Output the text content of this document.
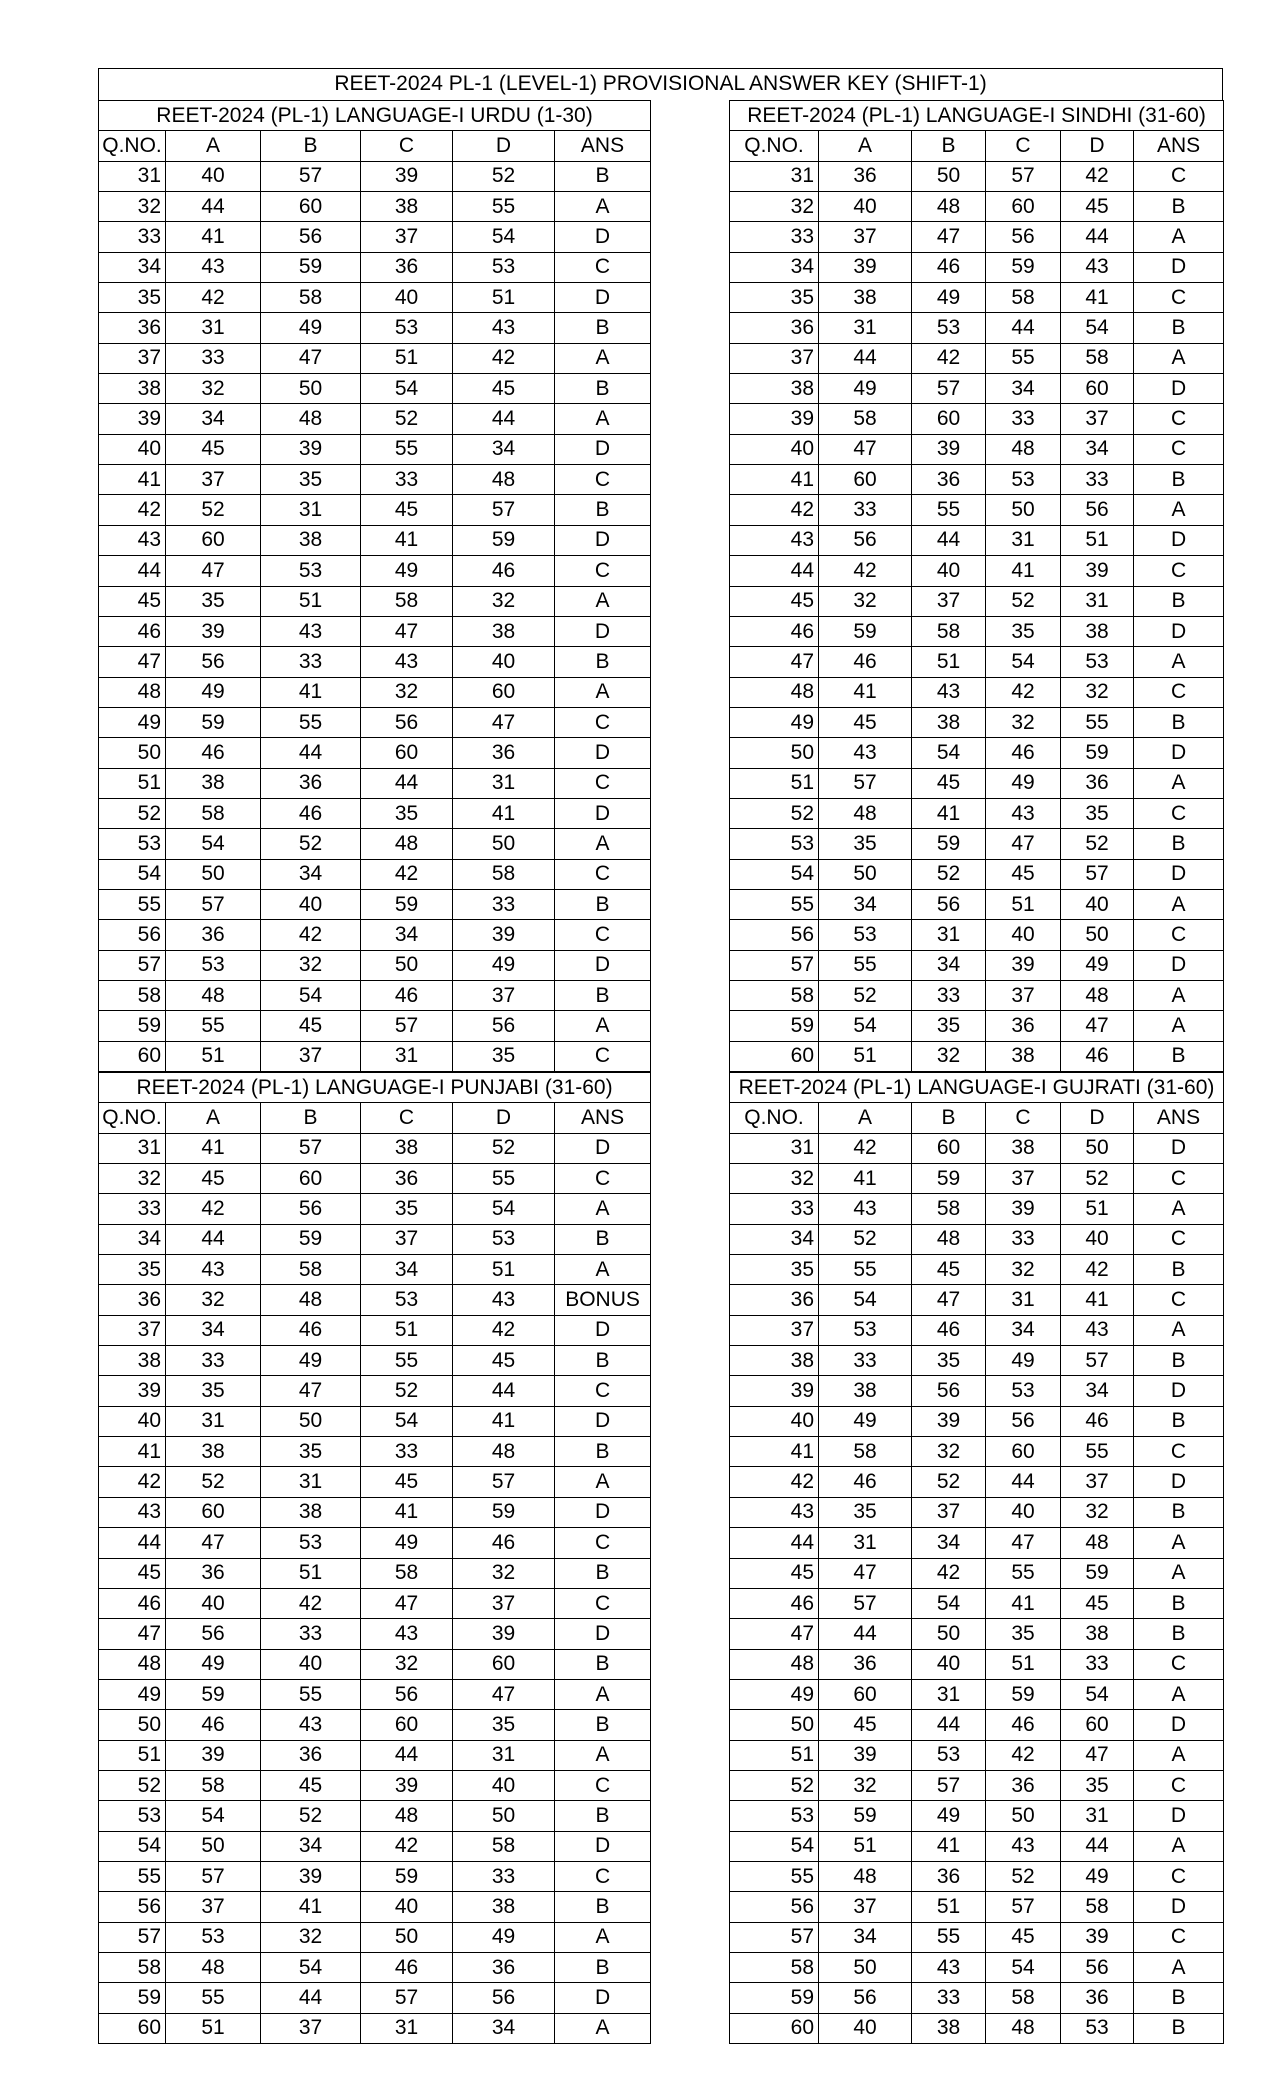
REET-2024 PL-1 (LEVEL-1) PROVISIONAL ANSWER KEY (SHIFT-1)
REET-2024 (PL-1) LANGUAGE-I URDU (1-30)					
Q.NO.	A	B	C	D	ANS
31	40	57	39	52	B
32	44	60	38	55	A
33	41	56	37	54	D
34	43	59	36	53	C
35	42	58	40	51	D
36	31	49	53	43	B
37	33	47	51	42	A
38	32	50	54	45	B
39	34	48	52	44	A
40	45	39	55	34	D
41	37	35	33	48	C
42	52	31	45	57	B
43	60	38	41	59	D
44	47	53	49	46	C
45	35	51	58	32	A
46	39	43	47	38	D
47	56	33	43	40	B
48	49	41	32	60	A
49	59	55	56	47	C
50	46	44	60	36	D
51	38	36	44	31	C
52	58	46	35	41	D
53	54	52	48	50	A
54	50	34	42	58	C
55	57	40	59	33	B
56	36	42	34	39	C
57	53	32	50	49	D
58	48	54	46	37	B
59	55	45	57	56	A
60	51	37	31	35	C
REET-2024 (PL-1) LANGUAGE-I SINDHI (31-60)					
Q.NO.	A	B	C	D	ANS
31	36	50	57	42	C
32	40	48	60	45	B
33	37	47	56	44	A
34	39	46	59	43	D
35	38	49	58	41	C
36	31	53	44	54	B
37	44	42	55	58	A
38	49	57	34	60	D
39	58	60	33	37	C
40	47	39	48	34	C
41	60	36	53	33	B
42	33	55	50	56	A
43	56	44	31	51	D
44	42	40	41	39	C
45	32	37	52	31	B
46	59	58	35	38	D
47	46	51	54	53	A
48	41	43	42	32	C
49	45	38	32	55	B
50	43	54	46	59	D
51	57	45	49	36	A
52	48	41	43	35	C
53	35	59	47	52	B
54	50	52	45	57	D
55	34	56	51	40	A
56	53	31	40	50	C
57	55	34	39	49	D
58	52	33	37	48	A
59	54	35	36	47	A
60	51	32	38	46	B
REET-2024 (PL-1) LANGUAGE-I PUNJABI (31-60)					
Q.NO.	A	B	C	D	ANS
31	41	57	38	52	D
32	45	60	36	55	C
33	42	56	35	54	A
34	44	59	37	53	B
35	43	58	34	51	A
36	32	48	53	43	BONUS
37	34	46	51	42	D
38	33	49	55	45	B
39	35	47	52	44	C
40	31	50	54	41	D
41	38	35	33	48	B
42	52	31	45	57	A
43	60	38	41	59	D
44	47	53	49	46	C
45	36	51	58	32	B
46	40	42	47	37	C
47	56	33	43	39	D
48	49	40	32	60	B
49	59	55	56	47	A
50	46	43	60	35	B
51	39	36	44	31	A
52	58	45	39	40	C
53	54	52	48	50	B
54	50	34	42	58	D
55	57	39	59	33	C
56	37	41	40	38	B
57	53	32	50	49	A
58	48	54	46	36	B
59	55	44	57	56	D
60	51	37	31	34	A
REET-2024 (PL-1) LANGUAGE-I GUJRATI (31-60)					
Q.NO.	A	B	C	D	ANS
31	42	60	38	50	D
32	41	59	37	52	C
33	43	58	39	51	A
34	52	48	33	40	C
35	55	45	32	42	B
36	54	47	31	41	C
37	53	46	34	43	A
38	33	35	49	57	B
39	38	56	53	34	D
40	49	39	56	46	B
41	58	32	60	55	C
42	46	52	44	37	D
43	35	37	40	32	B
44	31	34	47	48	A
45	47	42	55	59	A
46	57	54	41	45	B
47	44	50	35	38	B
48	36	40	51	33	C
49	60	31	59	54	A
50	45	44	46	60	D
51	39	53	42	47	A
52	32	57	36	35	C
53	59	49	50	31	D
54	51	41	43	44	A
55	48	36	52	49	C
56	37	51	57	58	D
57	34	55	45	39	C
58	50	43	54	56	A
59	56	33	58	36	B
60	40	38	48	53	B
